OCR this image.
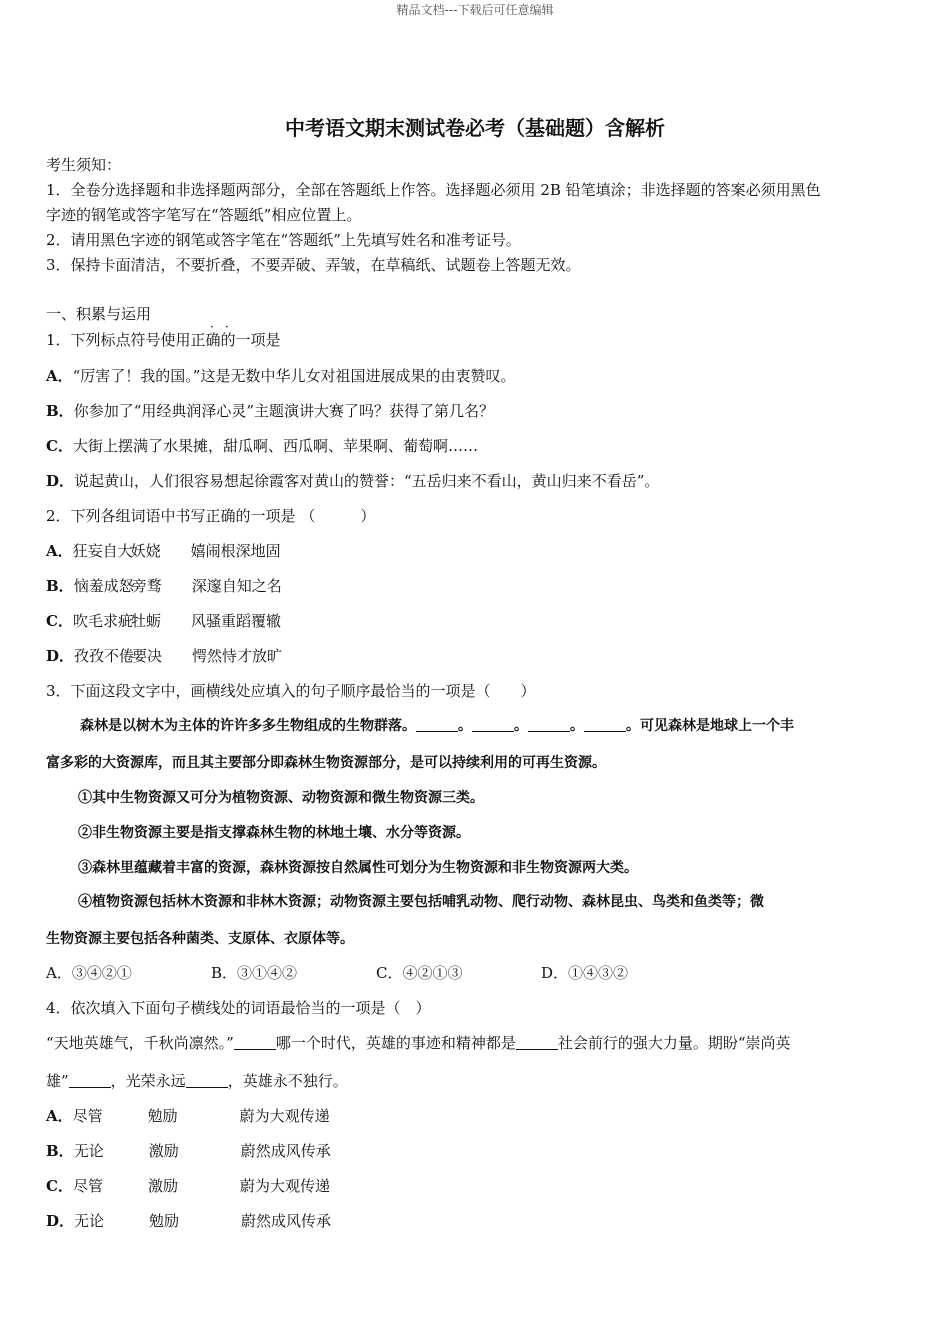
精品文档---下载后可任意编辑
中考语文期末测试卷必考（基础题）含解析
考生须知：
1．全卷分选择题和非选择题两部分，全部在答题纸上作答。选择题必须用 2B 铅笔填涂；非选择题的答案必须用黑色
字迹的钢笔或答字笔写在“答题纸”相应位置上。
2．请用黑色字迹的钢笔或答字笔在“答题纸”上先填写姓名和准考证号。
3．保持卡面清洁，不要折叠，不要弄破、弄皱，在草稿纸、试题卷上答题无效。
一、积累与运用
1．下列标点符号使用正确的一项是
··
A．“厉害了！我的国。”这是无数中华儿女对祖国进展成果的由衷赞叹。
B．你参加了“用经典润泽心灵”主题演讲大赛了吗？获得了第几名？
C．大街上摆满了水果摊，甜瓜啊、西瓜啊、苹果啊、葡萄啊……
D．说起黄山，人们很容易想起徐霞客对黄山的赞誉：“五岳归来不看山，黄山归来不看岳”。
2．下列各组词语中书写正确的一项是 （　　　）
A．狂妄自大妖娆 嬉闹根深地固
B．恼羞成怒旁骛 深邃自知之名
C．吹毛求疵牡蛎 风骚重蹈覆辙
D．孜孜不倦要决 愕然恃才放旷
3．下面这段文字中，画横线处应填入的句子顺序最恰当的一项是（　　）
森林是以树木为主体的许许多多生物组成的生物群落。	。	。	。	。可见森林是地球上一个丰
富多彩的大资源库，而且其主要部分即森林生物资源部分，是可以持续利用的可再生资源。
①其中生物资源又可分为植物资源、动物资源和微生物资源三类。
②非生物资源主要是指支撑森林生物的林地土壤、水分等资源。
③森林里蕴藏着丰富的资源，森林资源按自然属性可划分为生物资源和非生物资源两大类。
④植物资源包括林木资源和非林木资源；动物资源主要包括哺乳动物、爬行动物、森林昆虫、鸟类和鱼类等；微
生物资源主要包括各种菌类、支原体、衣原体等。
A．③④②①	B．③①④②	C．④②①③	D．①④③②
4．依次填入下面句子横线处的词语最恰当的一项是（　）
“天地英雄气，千秋尚凛然。”	哪一个时代，英雄的事迹和精神都是	社会前行的强大力量。期盼“崇尚英
雄”	，光荣永远	，英雄永不独行。
A．尽管	勉励	蔚为大观传递
B．无论	激励	蔚然成风传承
C．尽管	激励	蔚为大观传递
D．无论	勉励	蔚然成风传承
